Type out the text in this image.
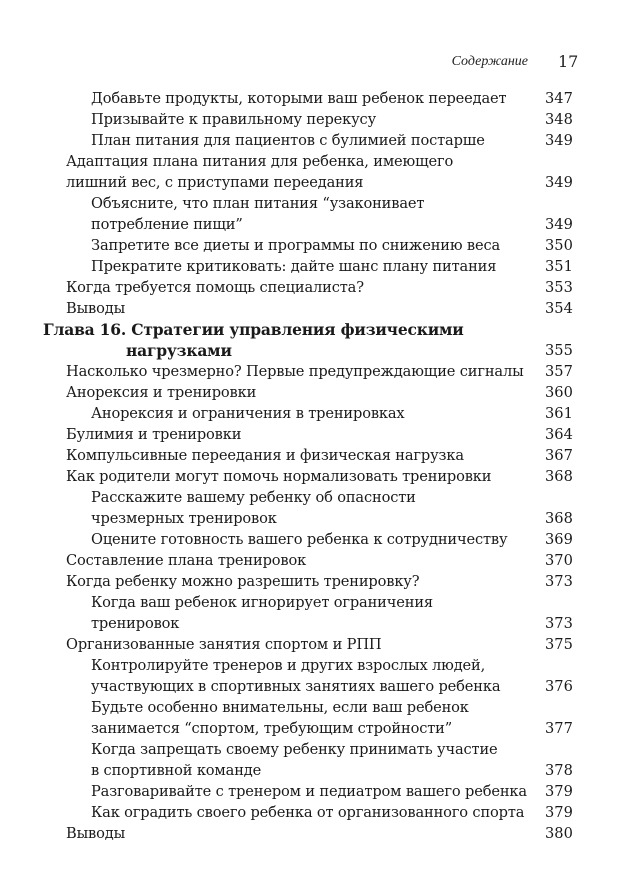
Содержание 17
Добавьте продукты, которыми ваш ребенок переедает	347
Призывайте к правильному перекусу	348
План питания для пациентов с булимией постарше	349
Адаптация плана питания для ребенка, имеющего
лишний вес, с приступами переедания	349
Объясните, что план питания “узаконивает
потребление пищи”	349
Запретите все диеты и программы по снижению веса	350
Прекратите критиковать: дайте шанс плану питания	351
Когда требуется помощь специалиста?	353
Выводы	354
Глава 16. Стратегии управления физическими
нагрузками	355
Насколько чрезмерно? Первые предупреждающие сигналы 357
Анорексия и тренировки	360
Анорексия и ограничения в тренировках	361
Булимия и тренировки	364
Компульсивные переедания и физическая нагрузка	367
Как родители могут помочь нормализовать тренировки	368
Расскажите вашему ребенку об опасности
чрезмерных тренировок	368
Оцените готовность вашего ребенка к сотрудничеству	369
Составление плана тренировок	370
Когда ребенку можно разрешить тренировку?	373
Когда ваш ребенок игнорирует ограничения
тренировок	373
Организованные занятия спортом и РПП	375
Контролируйте тренеров и других взрослых людей,
участвующих в спортивных занятиях вашего ребенка	376
Будьте особенно внимательны, если ваш ребенок
занимается “спортом, требующим стройности”	377
Когда запрещать своему ребенку принимать участие
в спортивной команде	378
Разговаривайте с тренером и педиатром вашего ребенка 379
Как оградить своего ребенка от организованного спорта 379
Выводы	380
